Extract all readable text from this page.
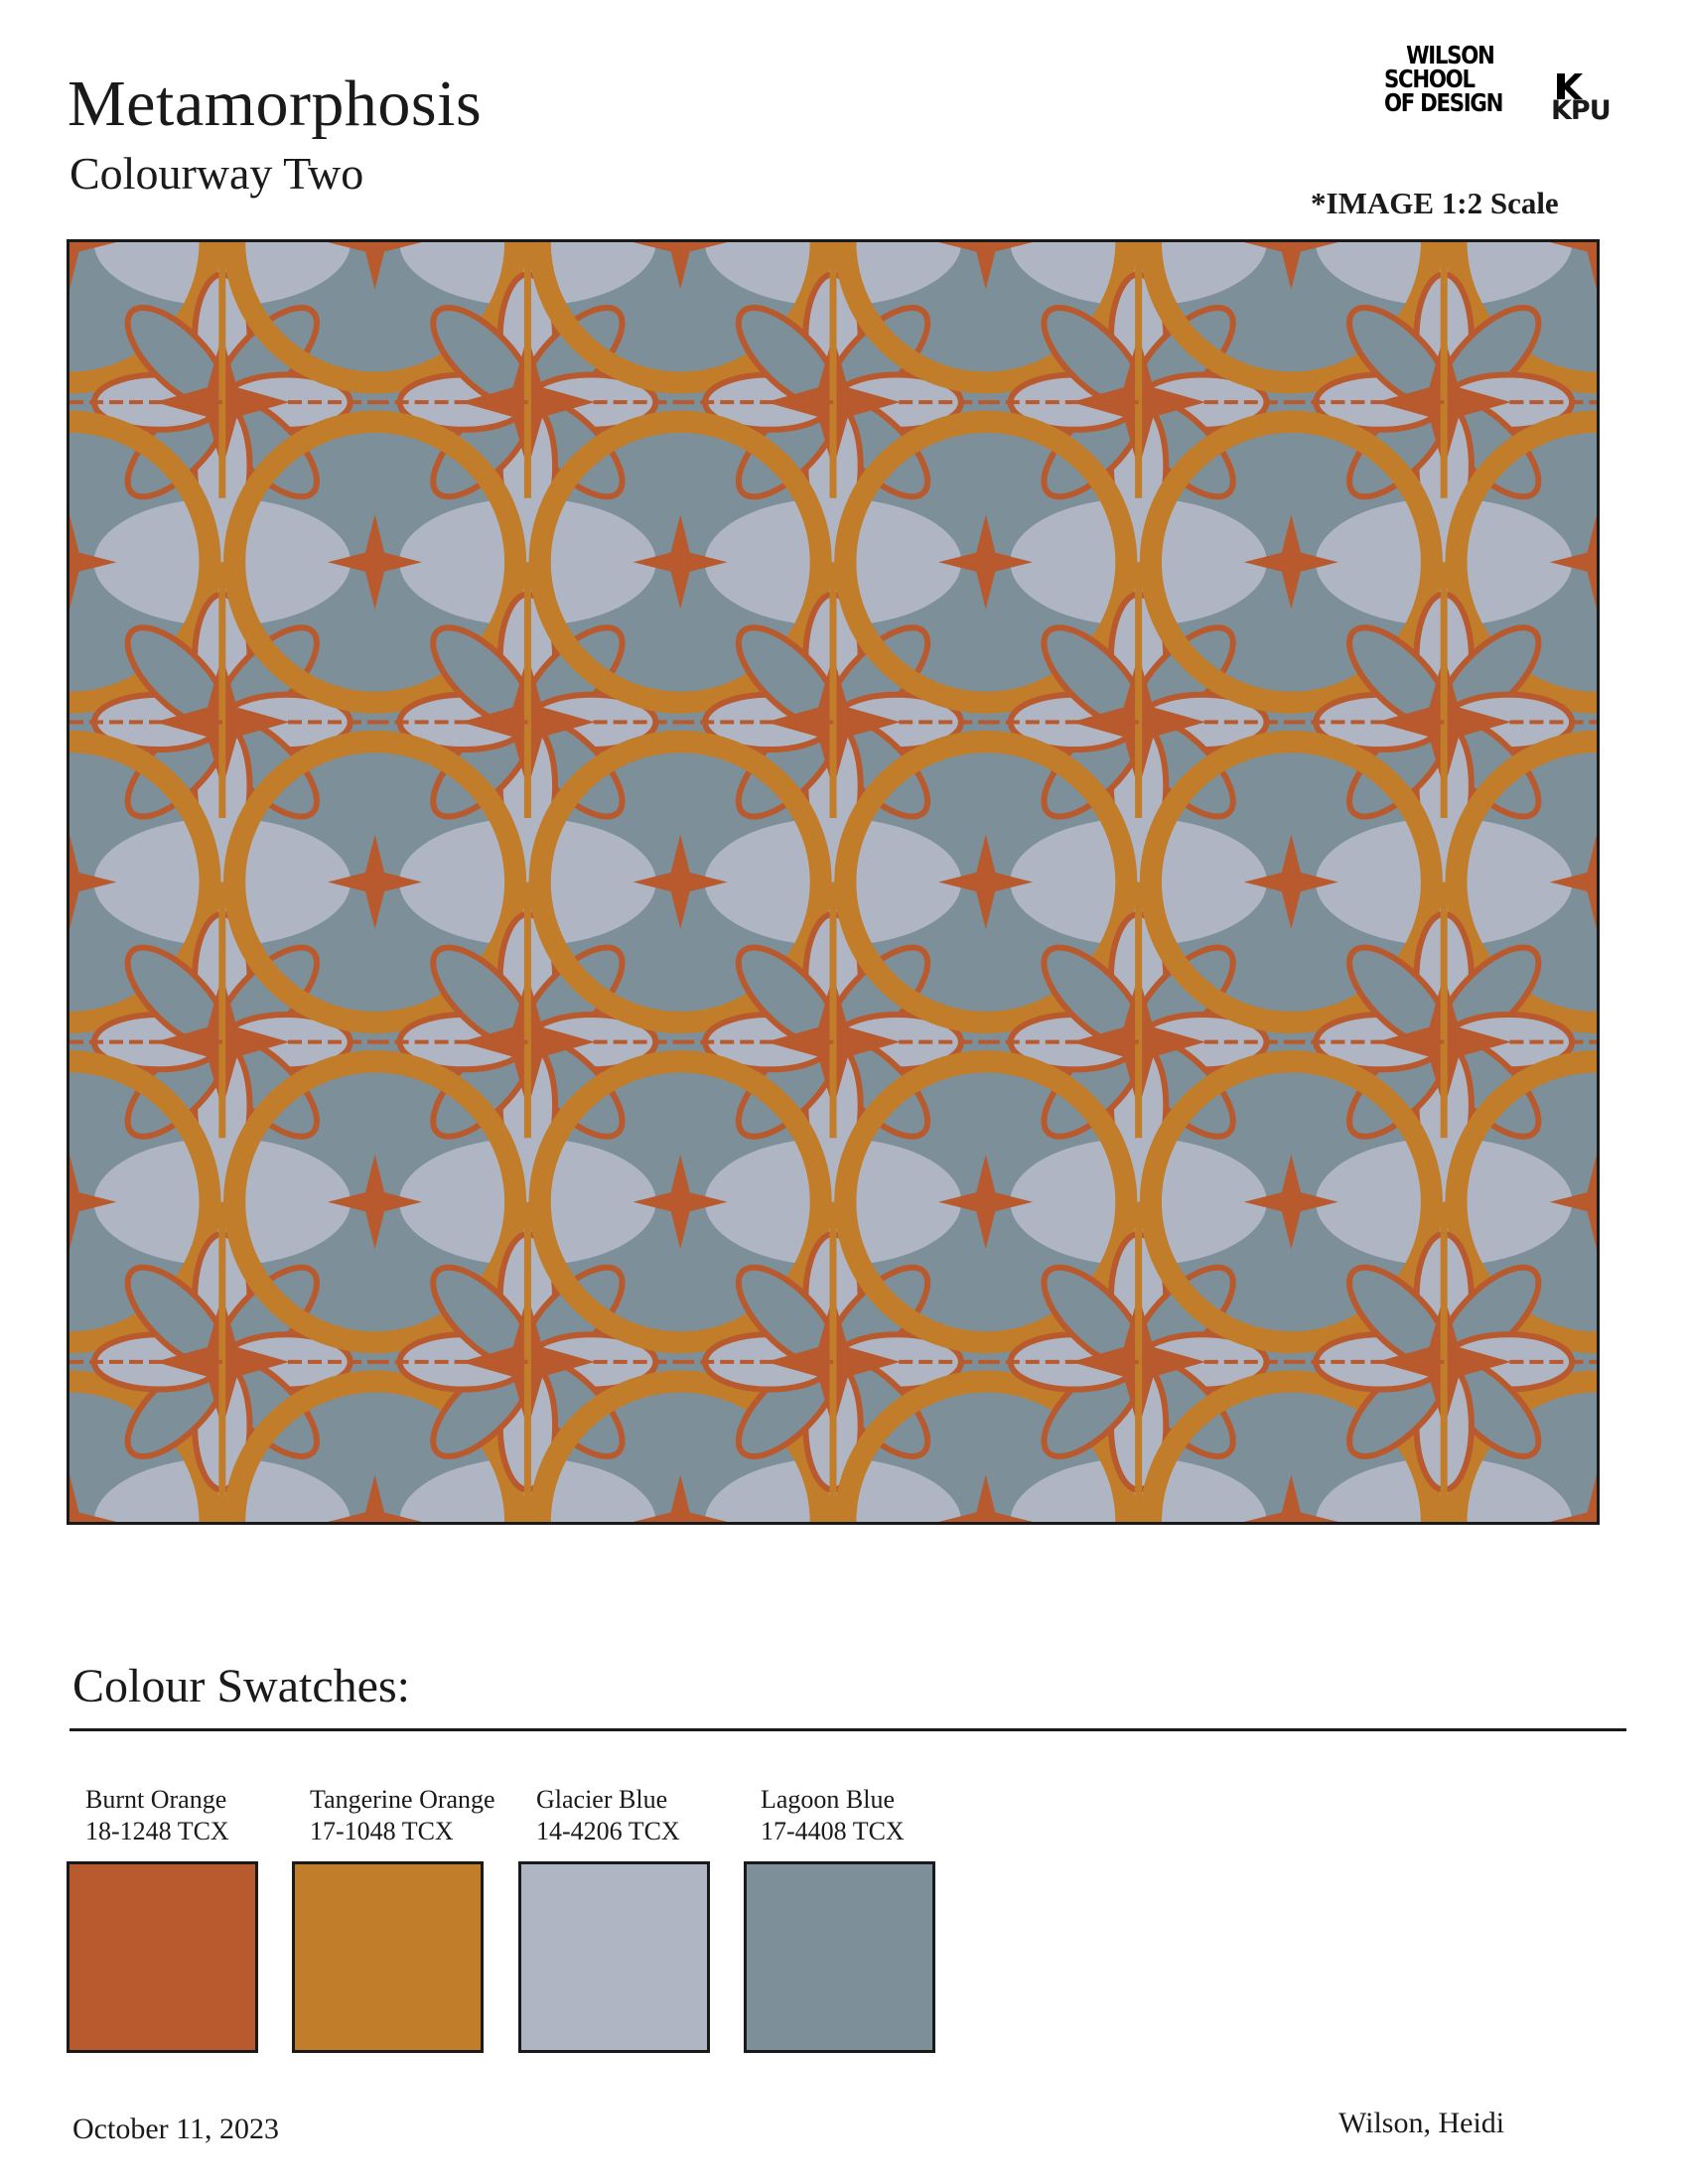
Metamorphosis
Colourway Two
*IMAGE 1:2 Scale
WILSON
SCHOOL
OF DESIGN	KPU
Colour Swatches:
Burnt Orange
18-1248 TCX
Tangerine Orange
17-1048 TCX
Glacier Blue
14-4206 TCX
Lagoon Blue
17-4408 TCX
October 11, 2023	Wilson, Heidi
